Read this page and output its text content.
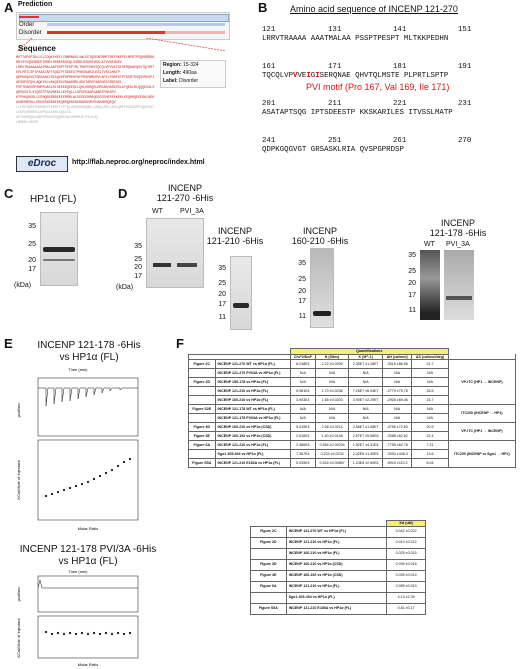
A Prediction
Order
Disorder
Sequence
MGTTAPGPIHLLELCDQKLMEFLCNMDNKDLVWLEEIQEEAERMFTREFSKEPELMPKTPSQKNRRKKRRISYVQDENRDPIRRRLSRRKSRSSQLSSRRLRSKDSVEKLATVVGENGSV
LRRVTRAAAAAAATMALAAPSSPTPESPTMLTKKPEDHNTQCQLVPVVEIGISERQNAEQHVTQLMSTEPLPRTLSPTPASATAPTSQGIPTSDEESTPKKSKARILESITVSSLMATP
QDPKGQGVGTGRSASKLRIAQVSPGPRDSPAFPDSPWRERVLAPILPDNFSTPTGSRTDSQSVRHSPIAPSSPSPQVLAQKYSLVAKQESVVRAASRRLAEKTAEEPAASGRICREEHSL
PSPTEAEERPSNPEGASLMLSEEKKQEERLLQHLHKRQRLEREAEHASKVSLAYQEKLRLQQQEEALSQRSSSSTLSTQSSTPSAVRKKLLKPEQLLLSPEEEAAPGAARTPSKSPV
KTPVKQKERLLEEMQEKRRREEEERRRLALEEEEEKRRQEEEEEHEEEEKRKLEEQRKQEEERKLREKAVRERREKLLREEEEKRRAEEKQRRQEKEKERAEKEREEEAKRRSQEQV
LLESEIQRSTENMAGTPEKRTLTPTQLHSSKKGSQNELLRGQLRRLLESLQKPFGGDSSPEIQAFKATLGEPLRSSRSLLRPGLAIKMLSQALTA
AETVKRRQALWAPVPEKGFGQQKEAALAEKMLELFSLDVQ
LMDEDLSSGSS
Region: 15-324
Length: 490aa
Label: Disorder
eDroc	http://flab.neproc.org/neproc/index.html
B	Amino acid sequence of INCENP 121-270
121	131	141	151
LRRVTRAAAA AAATMALAA PSSPTPESPT MLTKKPEDHN
161	171	181	191
TQCQLVPVVEIGISERQNAE QHVTQLMSTE PLPRTLSPTP
PVI motif (Pro 167, Val 169, Ile 171)
201	211	221	231
ASATAPTSQG IPTSDEESTP KKSKARILES ITVSSLMATP
241	251	261	270
QDPKGQGVGT GRSASKLRIA QVSPGPRDSP
C HP1α (FL)
35
25
20
17
(kDa)
D	INCENP
121-270 -6His
WT PVI_3A
35
25
20
17
(kDa)
INCENP
121-210 -6His
35
25
20
17
11
INCENP
160-210 -6His
35
25
20
17
11
INCENP
121-178 -6His
WT PVI_3A
35
25
20
17
11
E	INCENP 121-178 -6His
vs HP1α (FL)
Time (min)
µcal/sec
KCal/Mole of Injectant
Molar Ratio
INCENP 121-178 PVI/3A -6His
vs HP1α (FL)
Time (min)
µcal/sec
KCal/Mole of Injectant
Molar Ratio
F
		Quantifications					
		Chi^2/DoF	N (Sites)	K (M^-1)	ΔH (cal/mol)	ΔS (cal/mol/deg)	
Figure 2C	INCENP 121-270 WT vs HP1α (FL)	8.248E4	2.22 ±0.0299	2.35E7 ±1.28E7	-3515 ±86.56	21.7	VP-ITC (HP1 → INCENP)
	INCENP 121-270 PVI/3A vs HP1α (FL)	N/A	N/A	N/A	N/A	N/A	
Figure 2D	INCENP 159-178 vs HP1α (FL)	N/A	N/A	N/A	N/A	N/A	
	INCENP 121-210 vs HP1α (FL)	5.981E4	1.70 ±0.0238	7.25E7 ±6.04E7	-2779 ±79.78	26.5	
	INCENP 160-210 vs HP1α (FL)	3.903E4	1.65 ±0.0203	3.90E7 ±2.29E7	-2928 ±69.06	24.7	
Figure S2E	INCENP 121-178 WT vs HP1α (FL)	N/A	N/A	N/A	N/A	N/A	ITC200 (INCENP → HP1)
	INCENP 121-178 PVI/3A vs HP1α (FL)	N/A	N/A	N/A	N/A	N/A	
Figure 3D	INCENP 160-210 vs HP1α (CSD)	5.319E4	2.08 ±0.0214	2.56E7 ±1.08E7	-3796 ±72.60	20.9	VP-ITC (HP1 → INCENP)
Figure 3E	INCENP 160-192 vs HP1α (CSD)	2.516E4	1.40 ±0.0148	2.57E7 ±9.56E6	-3368 ±62.62	22.4	
Figure 6A	INCENP 121-210 vs HP1α (FL)	3.386E4	0.584 ±0.00234	1.82E7 ±4.31E6	-7755 ±62.78	7.21	ITC200 (INCENP or Sgo1 → HP1)
	Sgo1 405-494 vs HP1α (FL)	7.367E4	0.233 ±0.0234	2.42E5 ±1.40E5	-3300 ±448.3	13.6	
Figure S5A	INCENP 121-210 E180A vs HP1α (FL)	5.039E4	0.516 ±0.00867	1.23E8 ±2.60E5	-5910 ±110.2	8.04	
		Kd (uM)
Figure 2C	INCENP 121-270 WT vs HP1α (FL)	0.042 ±0.022
Figure 2D	INCENP 121-210 vs HP1α (FL)	0.014 ±0.012
	INCENP 160-210 vs HP1α (FL)	0.025 ±0.015
Figure 3D	INCENP 160-210 vs HP1α (CSD)	0.039 ±0.016
Figure 3E	INCENP 160-192 vs HP1α (CSD)	0.039 ±0.014
Figure 6A	INCENP 121-210 vs HP1α (FL)	0.055 ±0.013
	Sgo1 405-494 vs HP1α (FL)	4.13 ±2.39
Figure S5A	INCENP 121-210 E180A vs HP1α (FL)	0.81 ±0.17
